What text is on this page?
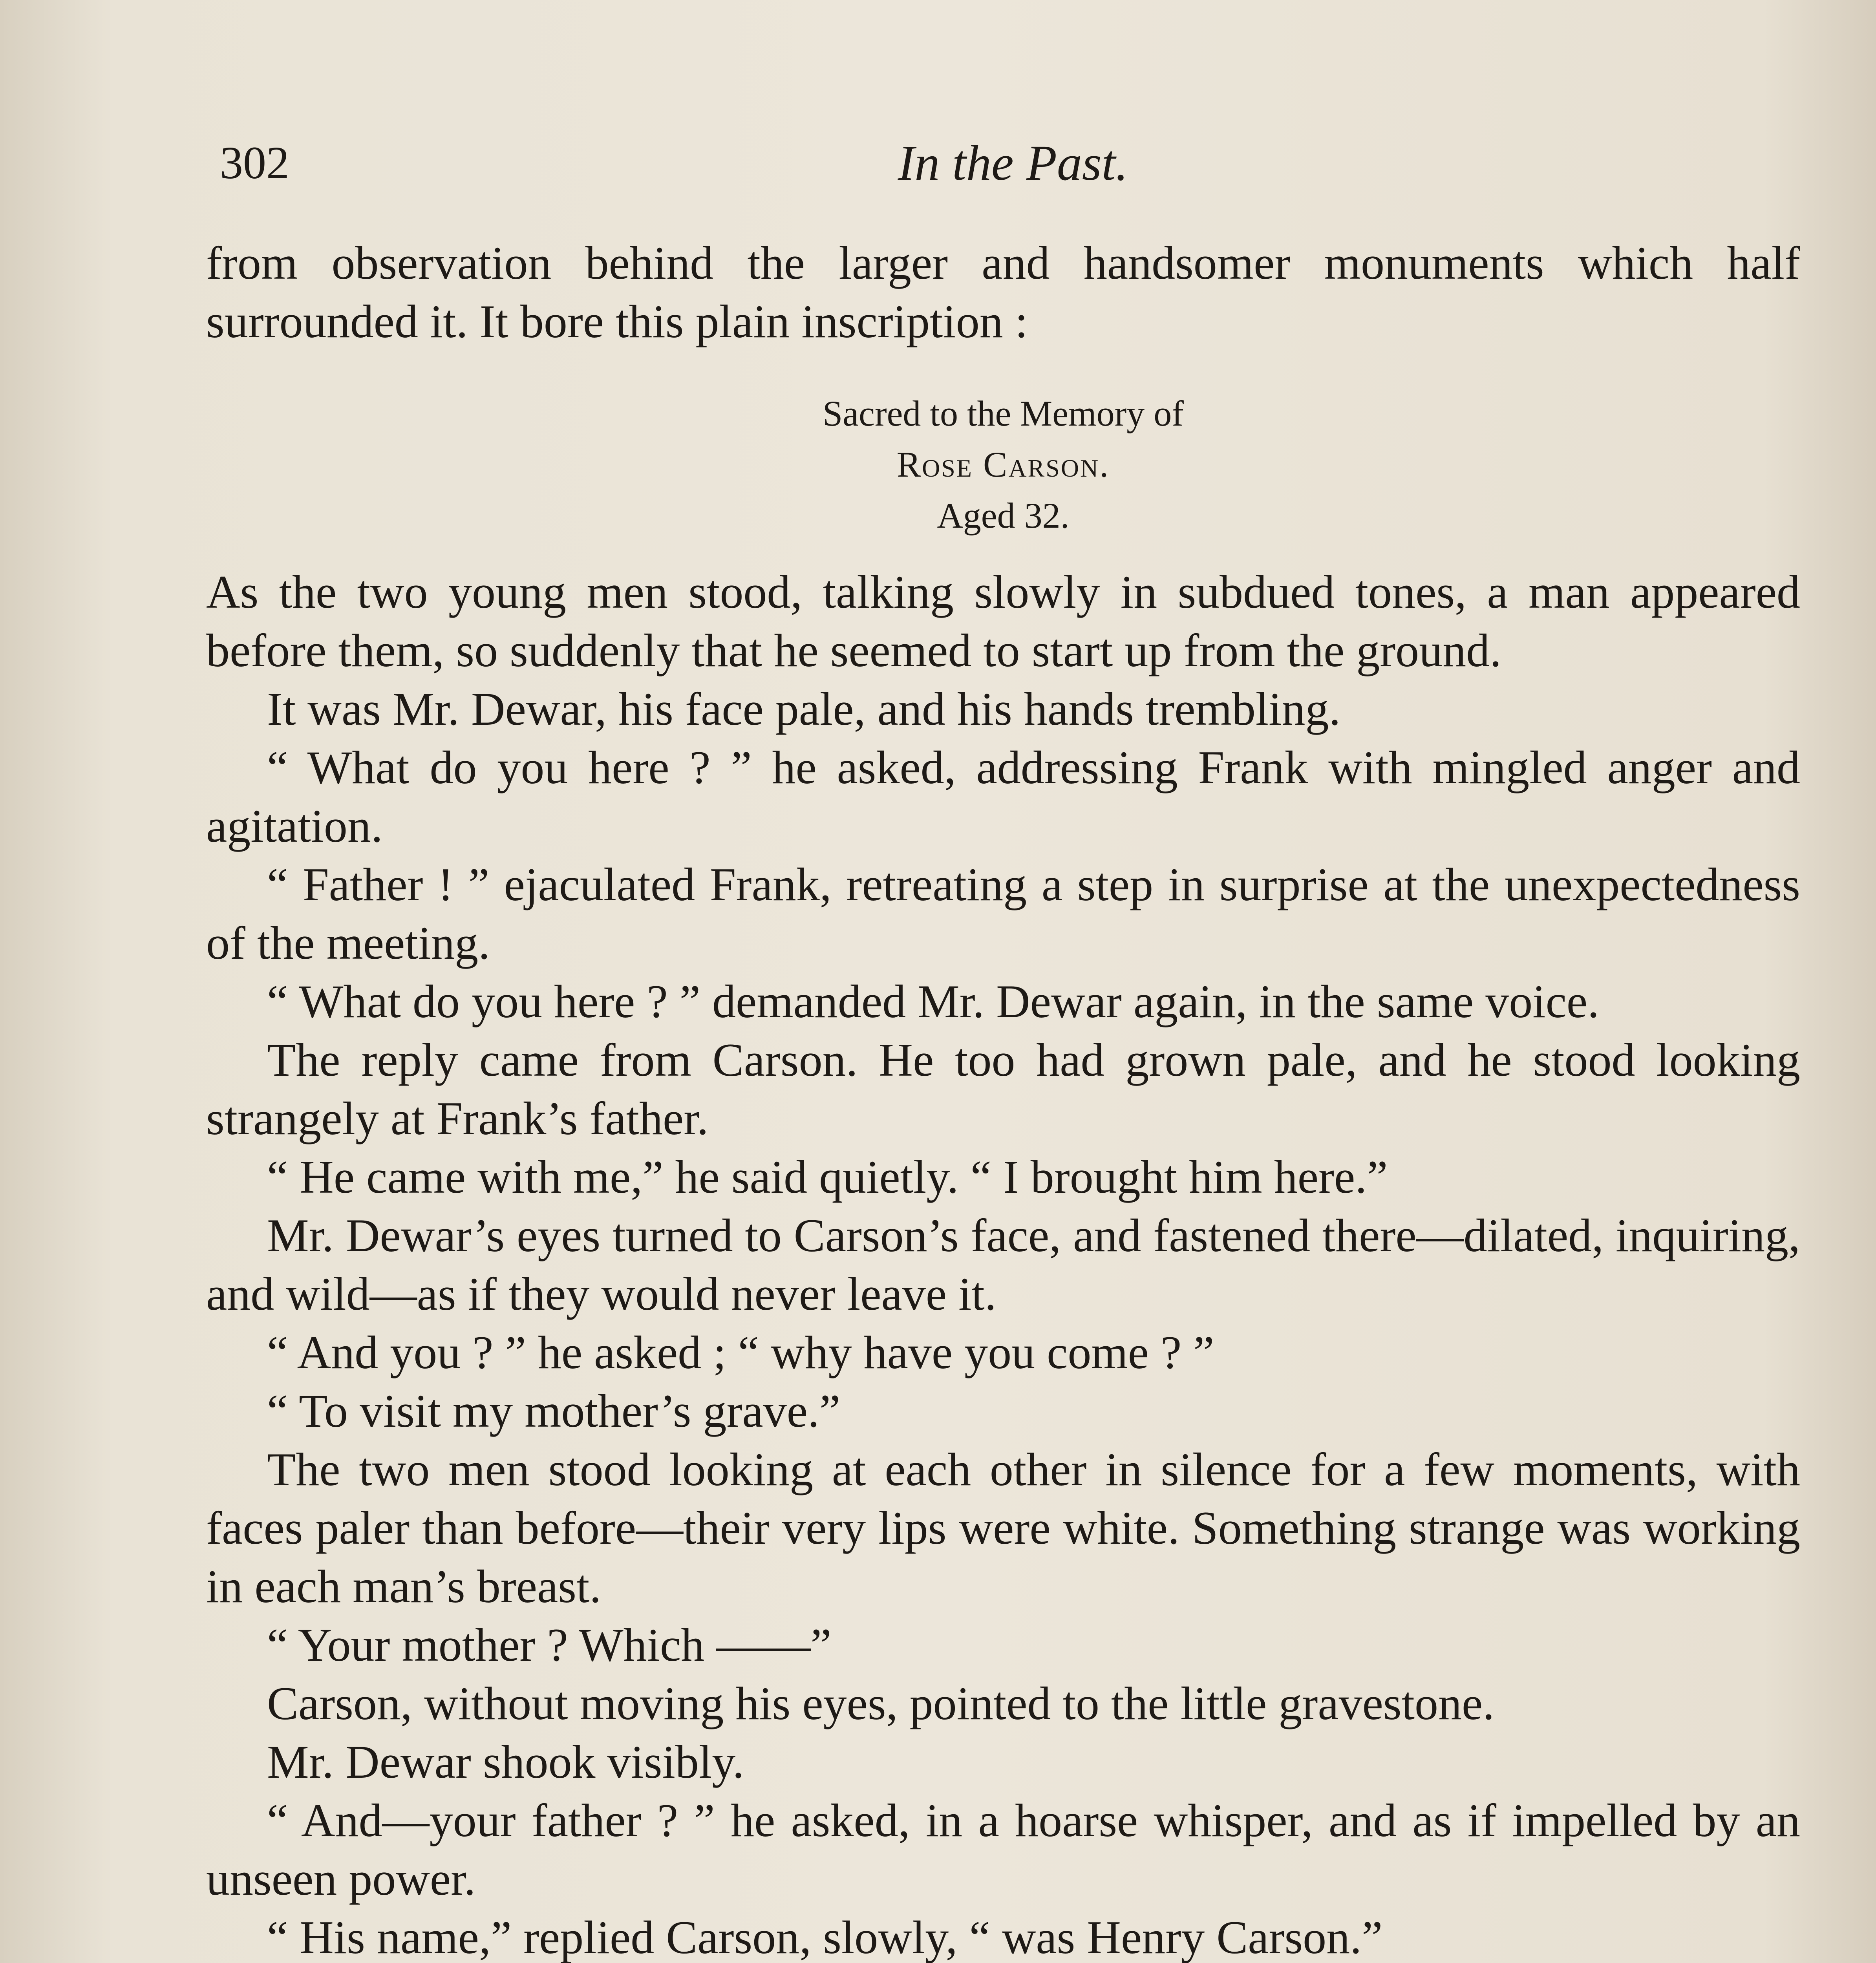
302	In the Past.

from observation behind the larger and handsomer monuments which half surrounded it. It bore this plain inscription :

Sacred to the Memory of
Rose Carson.
Aged 32.

As the two young men stood, talking slowly in subdued tones, a man appeared before them, so suddenly that he seemed to start up from the ground.

It was Mr. Dewar, his face pale, and his hands trembling.

“ What do you here ? ” he asked, addressing Frank with mingled anger and agitation.

“ Father ! ” ejaculated Frank, retreating a step in surprise at the unexpectedness of the meeting.

“ What do you here ? ” demanded Mr. Dewar again, in the same voice.

The reply came from Carson. He too had grown pale, and he stood looking strangely at Frank’s father.

“ He came with me,” he said quietly. “ I brought him here.”

Mr. Dewar’s eyes turned to Carson’s face, and fastened there—dilated, inquiring, and wild—as if they would never leave it.

“ And you ? ” he asked ; “ why have you come ? ”

“ To visit my mother’s grave.”

The two men stood looking at each other in silence for a few moments, with faces paler than before—their very lips were white. Something strange was working in each man’s breast.

“ Your mother ? Which ——”

Carson, without moving his eyes, pointed to the little gravestone.

Mr. Dewar shook visibly.

“ And—your father ? ” he asked, in a hoarse whisper, and as if impelled by an unseen power.

“ His name,” replied Carson, slowly, “ was Henry Carson.”
